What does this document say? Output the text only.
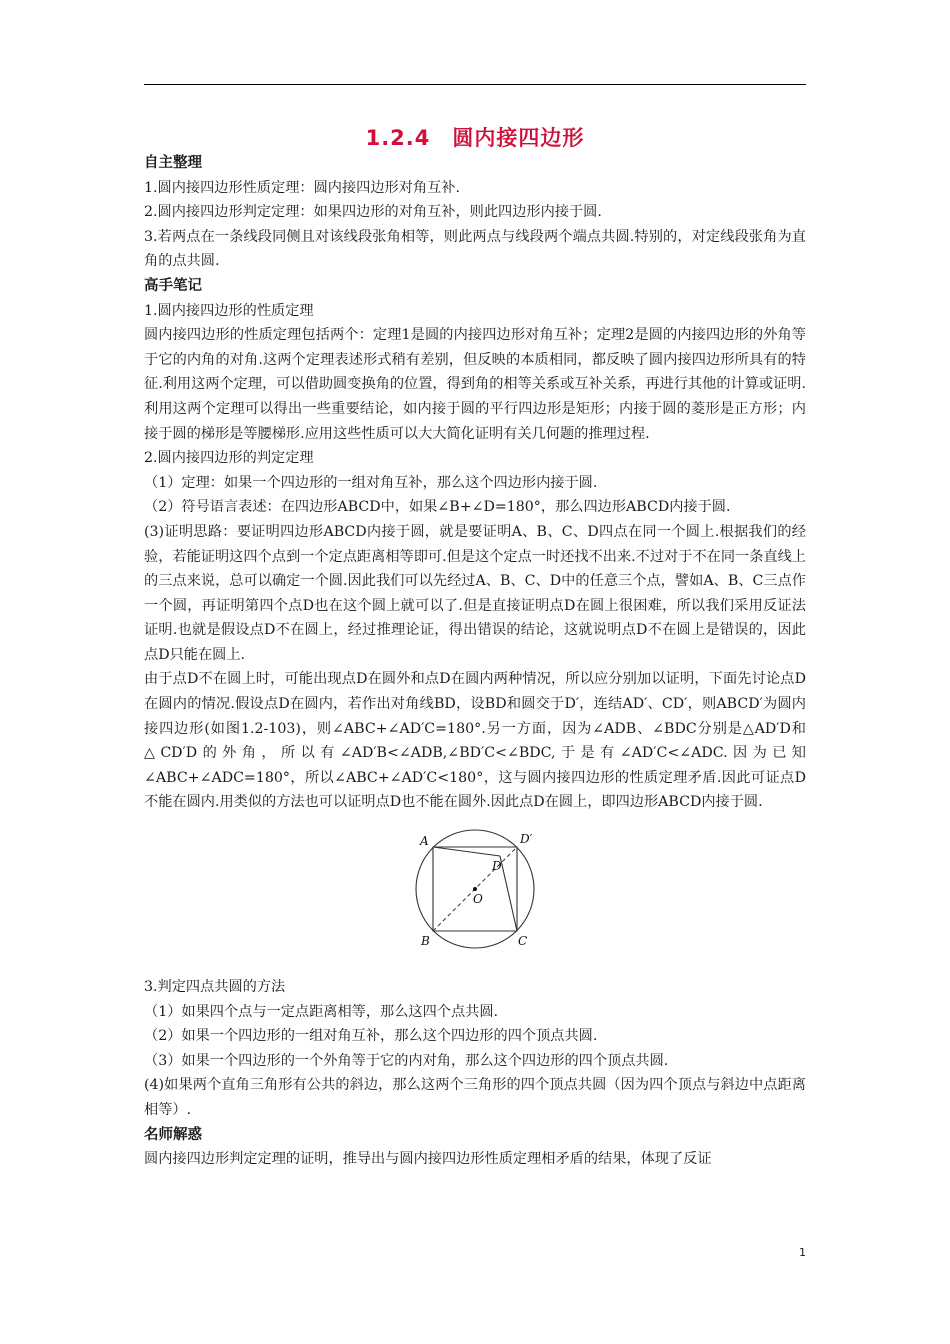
1.2.4　圆内接四边形

自主整理

1.圆内接四边形性质定理：圆内接四边形对角互补.

2.圆内接四边形判定定理：如果四边形的对角互补，则此四边形内接于圆.

3.若两点在一条线段同侧且对该线段张角相等，则此两点与线段两个端点共圆.特别的，对定线段张角为直角的点共圆.

高手笔记

1.圆内接四边形的性质定理

圆内接四边形的性质定理包括两个：定理1是圆的内接四边形对角互补；定理2是圆的内接四边形的外角等于它的内角的对角.这两个定理表述形式稍有差别，但反映的本质相同，都反映了圆内接四边形所具有的特征.利用这两个定理，可以借助圆变换角的位置，得到角的相等关系或互补关系，再进行其他的计算或证明.利用这两个定理可以得出一些重要结论，如内接于圆的平行四边形是矩形；内接于圆的菱形是正方形；内接于圆的梯形是等腰梯形.应用这些性质可以大大简化证明有关几何题的推理过程.

2.圆内接四边形的判定定理

（1）定理：如果一个四边形的一组对角互补，那么这个四边形内接于圆.

（2）符号语言表述：在四边形ABCD中，如果∠B+∠D=180°，那么四边形ABCD内接于圆.

(3)证明思路：要证明四边形ABCD内接于圆，就是要证明A、B、C、D四点在同一个圆上.根据我们的经验，若能证明这四个点到一个定点距离相等即可.但是这个定点一时还找不出来.不过对于不在同一条直线上的三点来说，总可以确定一个圆.因此我们可以先经过A、B、C、D中的任意三个点，譬如A、B、C三点作一个圆，再证明第四个点D也在这个圆上就可以了.但是直接证明点D在圆上很困难，所以我们采用反证法证明.也就是假设点D不在圆上，经过推理论证，得出错误的结论，这就说明点D不在圆上是错误的，因此点D只能在圆上.

由于点D不在圆上时，可能出现点D在圆外和点D在圆内两种情况，所以应分别加以证明，下面先讨论点D在圆内的情况.假设点D在圆内，若作出对角线BD，设BD和圆交于D′，连结AD′、CD′，则ABCD′为圆内接四边形(如图1.2-103)，则∠ABC+∠AD′C=180°.另一方面，因为∠ADB、∠BDC分别是△AD′D和△CD′D的外角，所以有∠AD′B<∠ADB,∠BD′C<∠BDC,于是有∠AD′C<∠ADC.因为已知∠ABC+∠ADC=180°，所以∠ABC+∠AD′C<180°，这与圆内接四边形的性质定理矛盾.因此可证点D不能在圆内.用类似的方法也可以证明点D也不能在圆外.因此点D在圆上，即四边形ABCD内接于圆.

A	D′
D
O
B	C

3.判定四点共圆的方法

（1）如果四个点与一定点距离相等，那么这四个点共圆.

（2）如果一个四边形的一组对角互补，那么这个四边形的四个顶点共圆.

（3）如果一个四边形的一个外角等于它的内对角，那么这个四边形的四个顶点共圆.

(4)如果两个直角三角形有公共的斜边，那么这两个三角形的四个顶点共圆（因为四个顶点与斜边中点距离相等）.

名师解惑

圆内接四边形判定定理的证明，推导出与圆内接四边形性质定理相矛盾的结果，体现了反证

1
